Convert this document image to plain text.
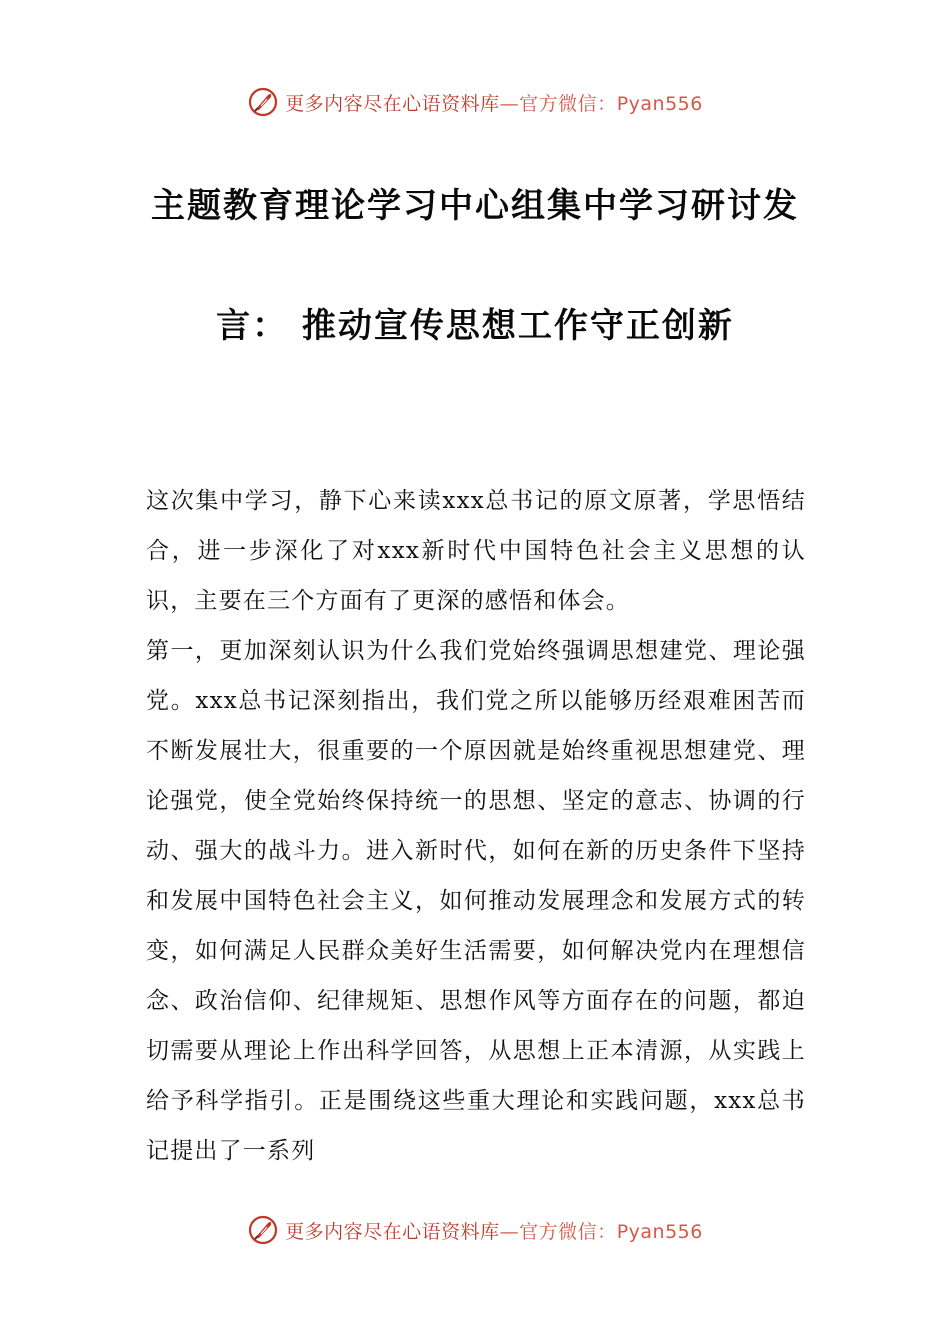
更多内容尽在心语资料库—官方微信：Pyan556
主题教育理论学习中心组集中学习研讨发
言： 推动宣传思想工作守正创新

这次集中学习，静下心来读xxx总书记的原文原著，学思悟结合，进一步深化了对xxx新时代中国特色社会主义思想的认识，主要在三个方面有了更深的感悟和体会。

第一，更加深刻认识为什么我们党始终强调思想建党、理论强党。xxx总书记深刻指出，我们党之所以能够历经艰难困苦而不断发展壮大，很重要的一个原因就是始终重视思想建党、理论强党，使全党始终保持统一的思想、坚定的意志、协调的行动、强大的战斗力。进入新时代，如何在新的历史条件下坚持和发展中国特色社会主义，如何推动发展理念和发展方式的转变，如何满足人民群众美好生活需要，如何解决党内在理想信念、政治信仰、纪律规矩、思想作风等方面存在的问题，都迫切需要从理论上作出科学回答，从思想上正本清源，从实践上给予科学指引。正是围绕这些重大理论和实践问题，xxx总书记提出了一系列

更多内容尽在心语资料库—官方微信：Pyan556
